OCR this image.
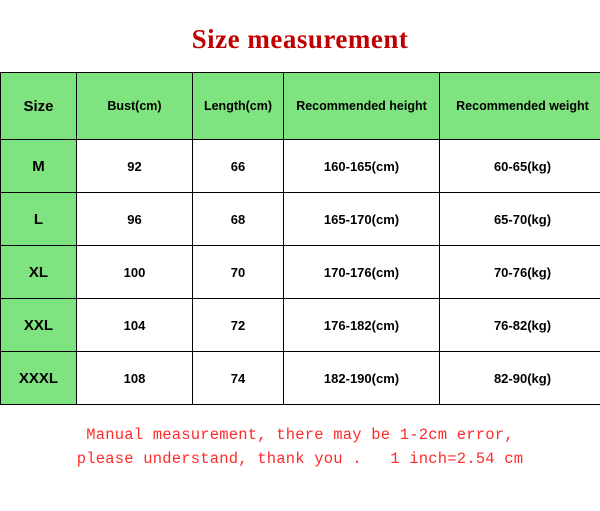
Size measurement
Size	Bust(cm)	Length(cm)	Recommended height	Recommended weight
M	92	66	160-165(cm)	60-65(kg)
L	96	68	165-170(cm)	65-70(kg)
XL	100	70	170-176(cm)	70-76(kg)
XXL	104	72	176-182(cm)	76-82(kg)
XXXL	108	74	182-190(cm)	82-90(kg)
Manual measurement, there may be 1-2cm error,
please understand, thank you .   1 inch=2.54 cm
